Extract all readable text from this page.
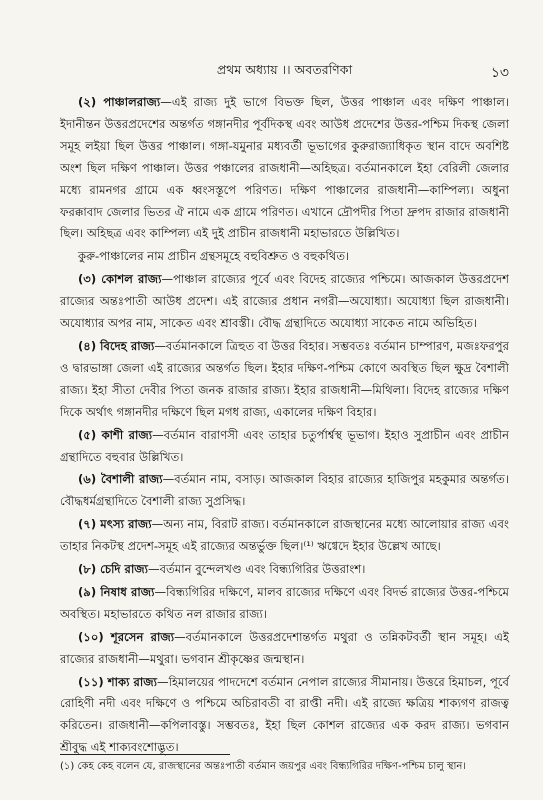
প্রথম অধ্যায় ।। অবতরণিকা	১৩

(২) পাঞ্চালরাজ্য—এই রাজ্য দুই ভাগে বিভক্ত ছিল, উত্তর পাঞ্চাল এবং দক্ষিণ পাঞ্চাল। ইদানীন্তন উত্তরপ্রদেশের অন্তর্গত গঙ্গানদীর পূর্বদিকস্থ এবং আউধ প্রদেশের উত্তর-পশ্চিম দিকস্থ জেলা সমূহ লইয়া ছিল উত্তর পাঞ্চাল। গঙ্গা-যমুনার মধ্যবর্তী ভূভাগের কুরুরাজ্যাধিকৃত স্থান বাদে অবশিষ্ট অংশ ছিল দক্ষিণ পাঞ্চাল। উত্তর পঞ্চালের রাজধানী—অহিছত্র। বর্তমানকালে ইহা বেরিলী জেলার মধ্যে রামনগর গ্রামে এক ধ্বংসস্তূপে পরিণত। দক্ষিণ পাঞ্চালের রাজধানী—কাম্পিল্য। অধুনা ফরক্কাবাদ জেলার ভিতর ঐ নামে এক গ্রামে পরিণত। এখানে দ্রৌপদীর পিতা দ্রুপদ রাজার রাজধানী ছিল। অহিছত্র এবং কাম্পিল্য এই দুই প্রাচীন রাজধানী মহাভারতে উল্লিখিত।

কুরু-পাঞ্চালের নাম প্রাচীন গ্রন্থসমূহে বহুবিশ্রুত ও বহুকথিত।

(৩) কোশল রাজ্য—পাঞ্চাল রাজ্যের পূর্বে এবং বিদেহ রাজ্যের পশ্চিমে। আজকাল উত্তরপ্রদেশ রাজ্যের অন্তঃপাতী আউধ প্রদেশ। এই রাজ্যের প্রধান নগরী—অযোধ্যা। অযোধ্যা ছিল রাজধানী। অযোধ্যার অপর নাম, সাকেত এবং শ্রাবস্তী। বৌদ্ধ গ্রন্থাদিতে অযোধ্যা সাকেত নামে অভিহিত।

(৪) বিদেহ রাজ্য—বর্তমানকালে ত্রিহুত বা উত্তর বিহার। সম্ভবতঃ বর্তমান চাম্পারণ, মজঃফরপুর ও দ্বারভাঙ্গা জেলা এই রাজ্যের অন্তর্গত ছিল। ইহার দক্ষিণ-পশ্চিম কোণে অবস্থিত ছিল ক্ষুদ্র বৈশালী রাজ্য। ইহা সীতা দেবীর পিতা জনক রাজার রাজ্য। ইহার রাজধানী—মিথিলা। বিদেহ রাজ্যের দক্ষিণ দিকে অর্থাৎ গঙ্গানদীর দক্ষিণে ছিল মগধ রাজ্য, একালের দক্ষিণ বিহার।

(৫) কাশী রাজ্য—বর্তমান বারাণসী এবং তাহার চতুর্পার্শ্বস্থ ভূভাগ। ইহাও সুপ্রাচীন এবং প্রাচীন গ্রন্থাদিতে বহুবার উল্লিখিত।

(৬) বৈশালী রাজ্য—বর্তমান নাম, বসাড়। আজকাল বিহার রাজ্যের হাজিপুর মহকুমার অন্তর্গত। বৌদ্ধধর্মগ্রন্থাদিতে বৈশালী রাজ্য সুপ্রসিদ্ধ।

(৭) মৎস্য রাজ্য—অন্য নাম, বিরাট রাজ্য। বর্তমানকালে রাজস্থানের মধ্যে আলোয়ার রাজ্য এবং তাহার নিকটস্থ প্রদেশ-সমূহ এই রাজ্যের অন্তর্ভুক্ত ছিল।⁽¹⁾ ঋগ্বেদে ইহার উল্লেখ আছে।

(৮) চেদি রাজ্য—বর্তমান বুন্দেলখণ্ড এবং বিন্ধ্যগিরির উত্তরাংশ।

(৯) নিষাধ রাজ্য—বিন্ধ্যগিরির দক্ষিণে, মালব রাজ্যের দক্ষিণে এবং বিদর্ভ রাজ্যের উত্তর-পশ্চিমে অবস্থিত। মহাভারতে কথিত নল রাজার রাজ্য।

(১০) শূরসেন রাজ্য—বর্তমানকালে উত্তরপ্রদেশান্তর্গত মথুরা ও তন্নিকটবর্তী স্থান সমূহ। এই রাজ্যের রাজধানী—মথুরা। ভগবান শ্রীকৃষ্ণের জন্মস্থান।

(১১) শাক্য রাজ্য—হিমালয়ের পাদদেশে বর্তমান নেপাল রাজ্যের সীমানায়। উত্তরে হিমাচল, পূর্বে রোহিণী নদী এবং দক্ষিণে ও পশ্চিমে অচিরাবতী বা রাপ্তী নদী। এই রাজ্যে ক্ষত্রিয় শাক্যগণ রাজত্ব করিতেন। রাজধানী—কপিলাবস্তু। সম্ভবতঃ, ইহা ছিল কোশল রাজ্যের এক করদ রাজ্য। ভগবান শ্রীবুদ্ধ এই শাক্যবংশোদ্ভূত।

(১) কেহ কেহ বলেন যে, রাজস্থানের অন্তঃপাতী বর্তমান জয়পুর এবং বিন্ধ্যগিরির দক্ষিণ-পশ্চিম চালু স্থান।
